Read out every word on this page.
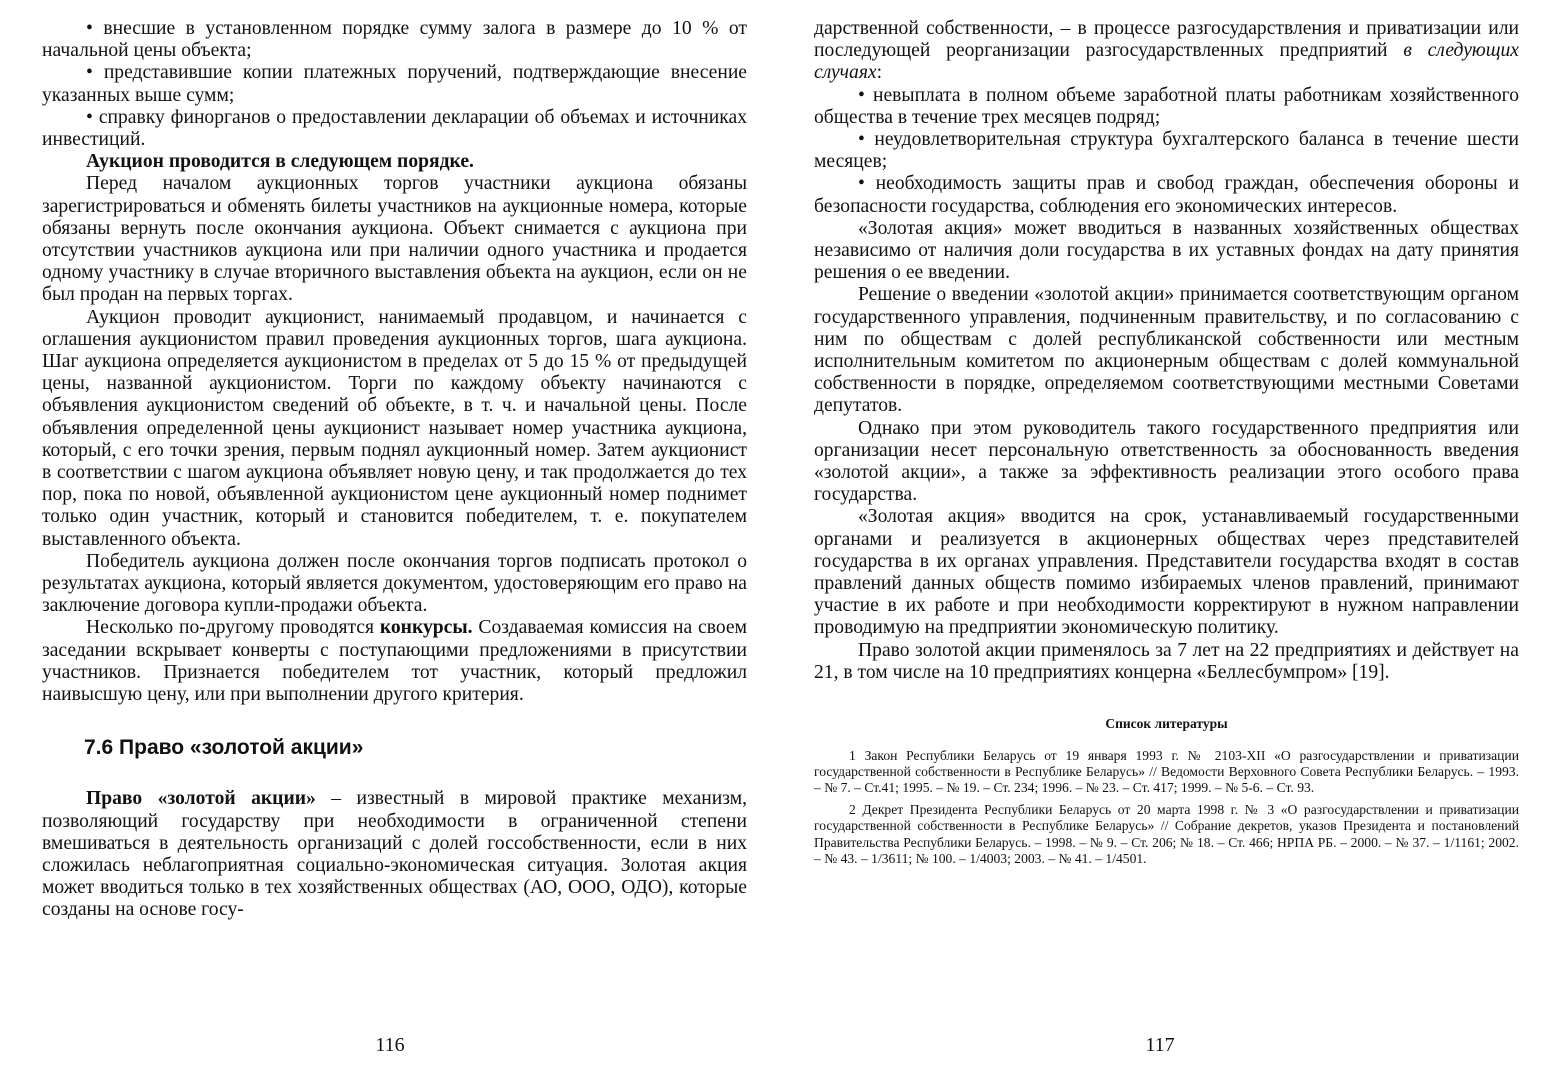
• внесшие в установленном порядке сумму залога в размере до 10 % от начальной цены объекта;

• представившие копии платежных поручений, подтверждающие внесение указанных выше сумм;

• справку финорганов о предоставлении декларации об объемах и источниках инвестиций.

Аукцион проводится в следующем порядке.

Перед началом аукционных торгов участники аукциона обязаны зарегистрироваться и обменять билеты участников на аукционные номера, которые обязаны вернуть после окончания аукциона. Объект снимается с аукциона при отсутствии участников аукциона или при наличии одного участника и продается одному участнику в случае вторичного выставления объекта на аукцион, если он не был продан на первых торгах.

Аукцион проводит аукционист, нанимаемый продавцом, и начинается с оглашения аукционистом правил проведения аукционных торгов, шага аукциона. Шаг аукциона определяется аукционистом в пределах от 5 до 15 % от предыдущей цены, названной аукционистом. Торги по каждому объекту начинаются с объявления аукционистом сведений об объекте, в т. ч. и начальной цены. После объявления определенной цены аукционист называет номер участника аукциона, который, с его точки зрения, первым поднял аукционный номер. Затем аукционист в соответствии с шагом аукциона объявляет новую цену, и так продолжается до тех пор, пока по новой, объявленной аукционистом цене аукционный номер поднимет только один участник, который и становится победителем, т. е. покупателем выставленного объекта.

Победитель аукциона должен после окончания торгов подписать протокол о результатах аукциона, который является документом, удостоверяющим его право на заключение договора купли-продажи объекта.

Несколько по-другому проводятся конкурсы. Создаваемая комиссия на своем заседании вскрывает конверты с поступающими предложениями в присутствии участников. Признается победителем тот участник, который предложил наивысшую цену, или при выполнении другого критерия.

7.6 Право «золотой акции»

Право «золотой акции» – известный в мировой практике механизм, позволяющий государству при необходимости в ограниченной степени вмешиваться в деятельность организаций с долей госсобственности, если в них сложилась неблагоприятная социально-экономическая ситуация. Золотая акция может вводиться только в тех хозяйственных обществах (АО, ООО, ОДО), которые созданы на основе госу-

116

дарственной собственности, – в процессе разгосударствления и приватизации или последующей реорганизации разгосударствленных предприятий в следующих случаях:

• невыплата в полном объеме заработной платы работникам хозяйственного общества в течение трех месяцев подряд;

• неудовлетворительная структура бухгалтерского баланса в течение шести месяцев;

• необходимость защиты прав и свобод граждан, обеспечения обороны и безопасности государства, соблюдения его экономических интересов.

«Золотая акция» может вводиться в названных хозяйственных обществах независимо от наличия доли государства в их уставных фондах на дату принятия решения о ее введении.

Решение о введении «золотой акции» принимается соответствующим органом государственного управления, подчиненным правительству, и по согласованию с ним по обществам с долей республиканской собственности или местным исполнительным комитетом по акционерным обществам с долей коммунальной собственности в порядке, определяемом соответствующими местными Советами депутатов.

Однако при этом руководитель такого государственного предприятия или организации несет персональную ответственность за обоснованность введения «золотой акции», а также за эффективность реализации этого особого права государства.

«Золотая акция» вводится на срок, устанавливаемый государственными органами и реализуется в акционерных обществах через представителей государства в их органах управления. Представители государства входят в состав правлений данных обществ помимо избираемых членов правлений, принимают участие в их работе и при необходимости корректируют в нужном направлении проводимую на предприятии экономическую политику.

Право золотой акции применялось за 7 лет на 22 предприятиях и действует на 21, в том числе на 10 предприятиях концерна «Беллесбумпром» [19].

Список литературы

1 Закон Республики Беларусь от 19 января 1993 г. № 2103-XII «О разгосударствлении и приватизации государственной собственности в Республике Беларусь» // Ведомости Верховного Совета Республики Беларусь. – 1993. – № 7. – Ст.41; 1995. – № 19. – Ст. 234; 1996. – № 23. – Ст. 417; 1999. – № 5-6. – Ст. 93.

2 Декрет Президента Республики Беларусь от 20 марта 1998 г. № 3 «О разгосударствлении и приватизации государственной собственности в Республике Беларусь» // Собрание декретов, указов Президента и постановлений Правительства Республики Беларусь. – 1998. – № 9. – Ст. 206; № 18. – Ст. 466; НРПА РБ. – 2000. – № 37. – 1/1161; 2002. – № 43. – 1/3611; № 100. – 1/4003; 2003. – № 41. – 1/4501.

117
